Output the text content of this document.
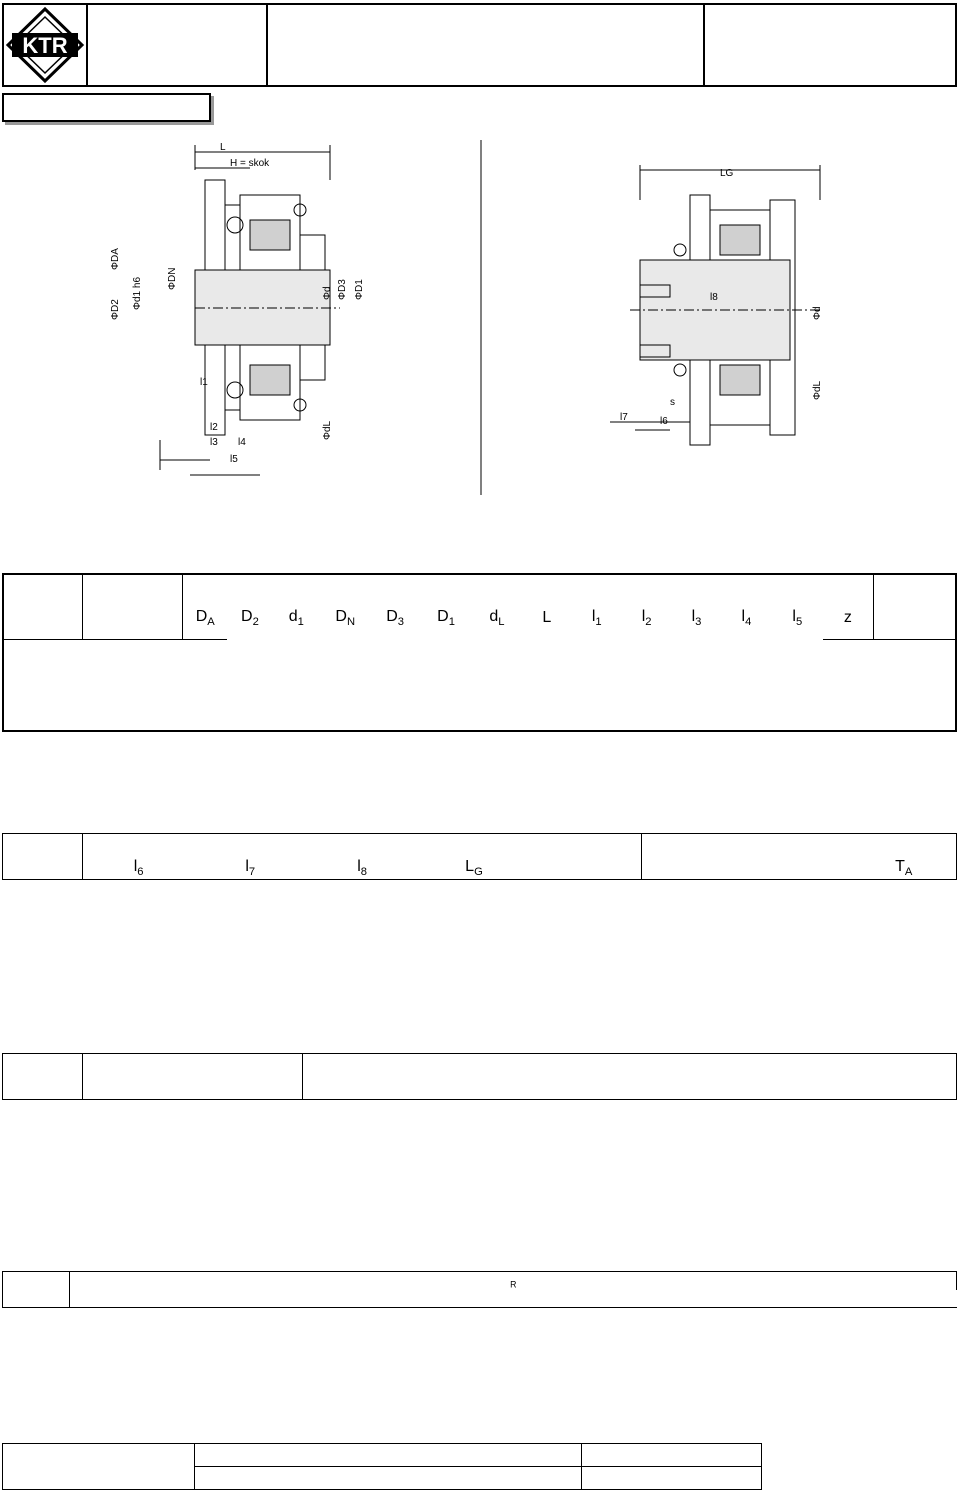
KTR
L
H = skok
ΦD2
ΦDA
Φd1 h6 ΦDN
Φd ΦD3 ΦD1
ΦdL
l1
l2
l3 l4
l5
LG
l8
Φd
ΦdL
s
l7	l6

		$D_A$	$D_2$	$d_1$	$D_N$	$D_3$	$D_1$	$d_L$	L	$l_1$	$l_2$	$l_3$	$l_4$	$l_5$	z	

	$l_6$	$l_7$	$l_8$	$L_G$				$T_A$

	$_R$
